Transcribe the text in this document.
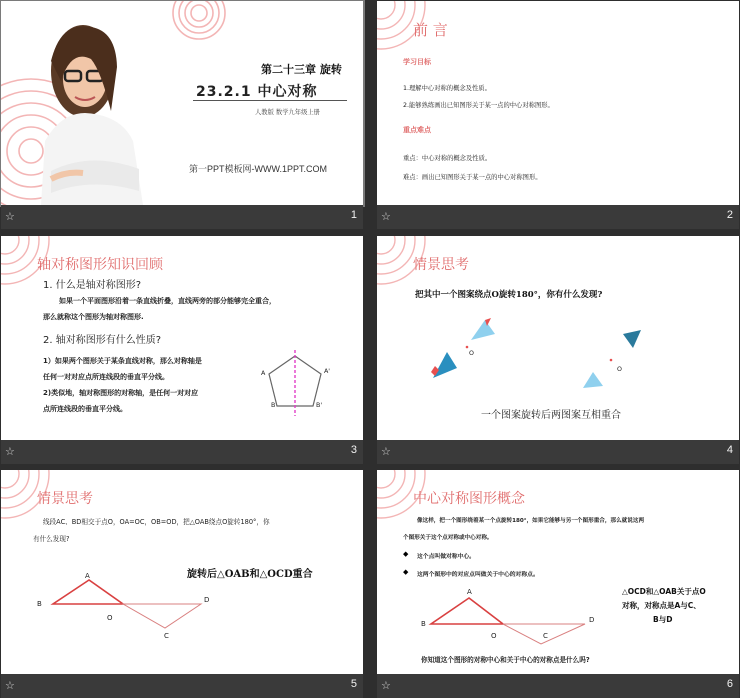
第二十三章 旋转
23.2.1 中心对称
人教版 数学九年级上册
第一PPT模板网-WWW.1PPT.COM
☆	1
前 言
学习目标
1.理解中心对称的概念及性质。
2.能够熟练画出已知图形关于某一点的中心对称图形。
重点难点
重点：中心对称的概念及性质。
难点：画出已知图形关于某一点的中心对称图形。
☆	2
轴对称图形知识回顾
1. 什么是轴对称图形?
如果一个平面图形沿着一条直线折叠，直线两旁的部分能够完全重合，
那么就称这个图形为轴对称图形.
2. 轴对称图形有什么性质?
1）如果两个图形关于某条直线对称，那么对称轴是
任何一对对应点所连线段的垂直平分线。
2)类似地，轴对称图形的对称轴，是任何一对对应
点所连线段的垂直平分线。
A	A'
B	B'
☆	3
情景思考
把其中一个图案绕点O旋转180°，你有什么发现?
O
O
一个图案旋转后两图案互相重合
☆	4
情景思考
线段AC、BD相交于点O，OA=OC，OB=OD，把△OAB绕点O旋转180°，你
有什么发现?
旋转后△OAB和△OCD重合
A
B
O
D
C
☆	5
中心对称图形概念
像这样，把一个图形绕着某一个点旋转180°，如果它能够与另一个图形重合，那么就说这两
个图形关于这个点对称或中心对称。
◆ 这个点叫做对称中心。
◆ 这两个图形中的对应点叫做关于中心的对称点。
△OCD和△OAB关于点O
对称，对称点是A与C、
B与D
A
B
O
D
C
你知道这个图形的对称中心和关于中心的对称点是什么吗?
☆	6
